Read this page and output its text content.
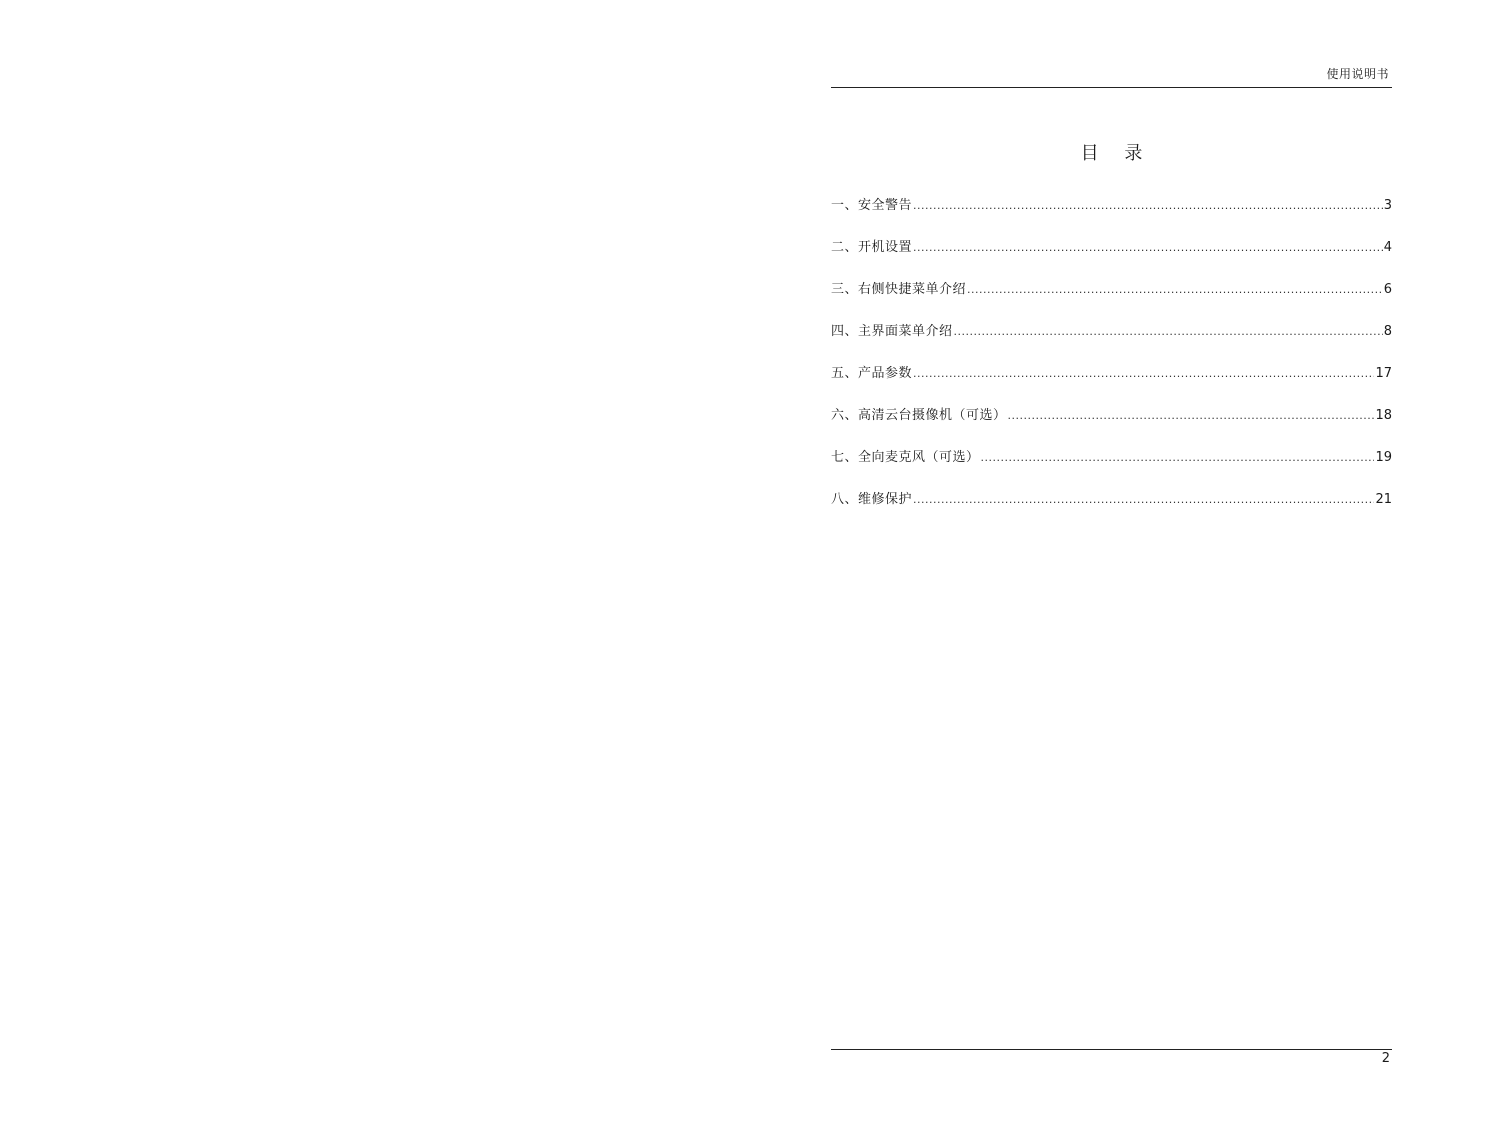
使用说明书
目 录
一、安全警告 .....	3
二、开机设置 .....	4
三、右侧快捷菜单介绍 .....	6
四、主界面菜单介绍 .....	8
五、产品参数 .....	17
六、高清云台摄像机（可选） .....	18
七、全向麦克风（可选） .....	19
八、维修保护 .....	21
2
